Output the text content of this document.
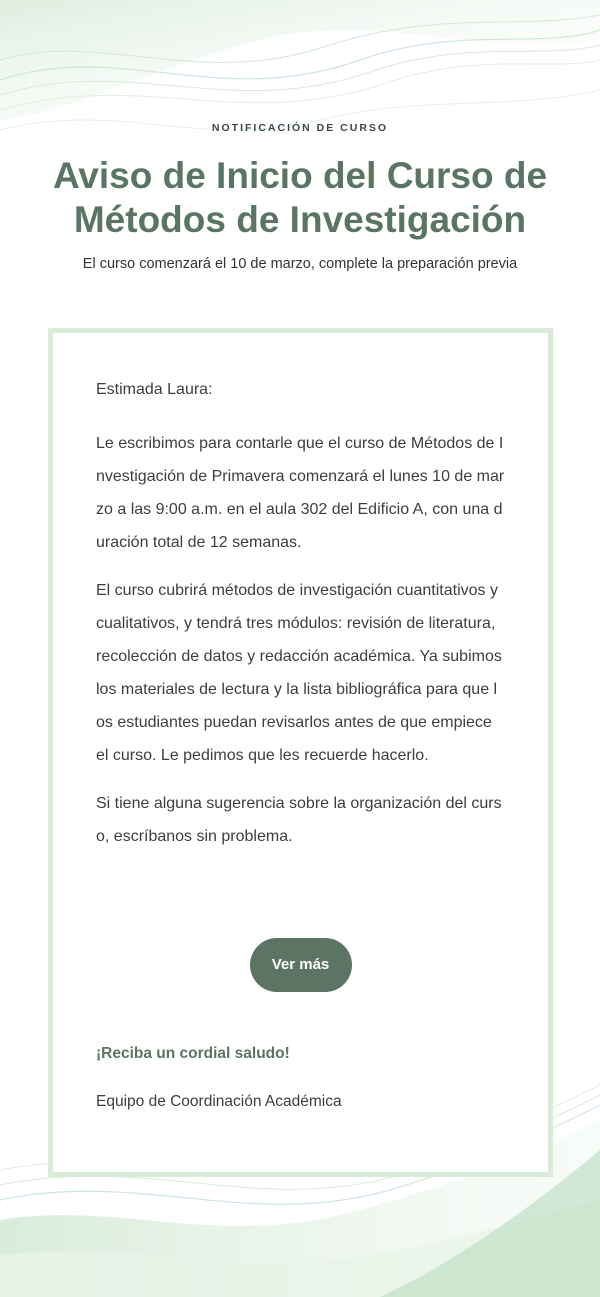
NOTIFICACIÓN DE CURSO
Aviso de Inicio del Curso de Métodos de Investigación
El curso comenzará el 10 de marzo, complete la preparación previa

Estimada Laura:

Le escribimos para contarle que el curso de Métodos de Investigación de Primavera comenzará el lunes 10 de marzo a las 9:00 a.m. en el aula 302 del Edificio A, con una duración total de 12 semanas.

El curso cubrirá métodos de investigación cuantitativos y cualitativos, y tendrá tres módulos: revisión de literatura, recolección de datos y redacción académica. Ya subimos los materiales de lectura y la lista bibliográfica para que los estudiantes puedan revisarlos antes de que empiece el curso. Le pedimos que les recuerde hacerlo.

Si tiene alguna sugerencia sobre la organización del curso, escríbanos sin problema.

Ver más
¡Reciba un cordial saludo!
Equipo de Coordinación Académica
